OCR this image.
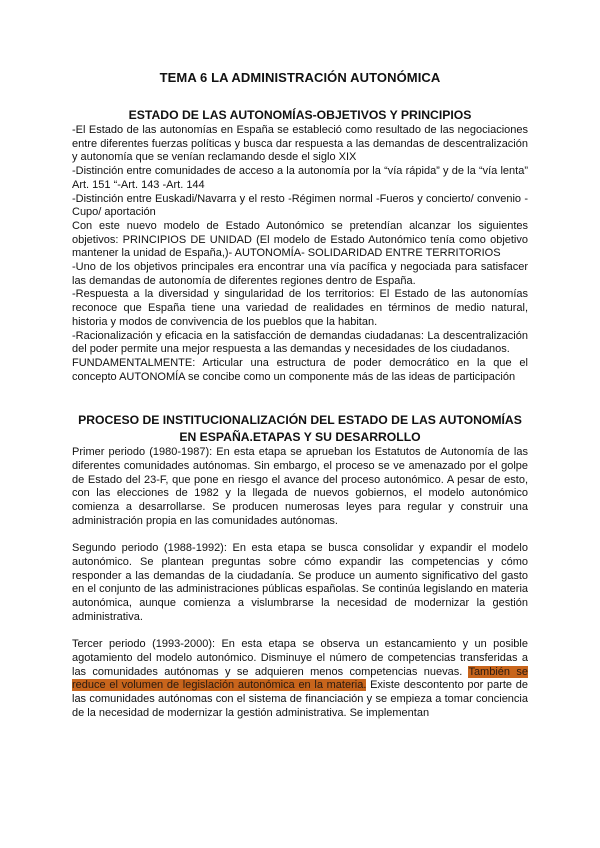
TEMA 6 LA ADMINISTRACIÓN AUTONÓMICA
ESTADO DE LAS AUTONOMÍAS-OBJETIVOS Y PRINCIPIOS

-El Estado de las autonomías en España se estableció como resultado de las negociaciones entre diferentes fuerzas políticas y busca dar respuesta a las demandas de descentralización y autonomía que se venían reclamando desde el siglo XIX

-Distinción entre comunidades de acceso a la autonomía por la “vía rápida” y de la “vía lenta” Art. 151 “-Art. 143 -Art. 144

-Distinción entre Euskadi/Navarra y el resto -Régimen normal -Fueros y concierto/ convenio -Cupo/ aportación

Con este nuevo modelo de Estado Autonómico se pretendían alcanzar los siguientes objetivos: PRINCIPIOS DE UNIDAD (El modelo de Estado Autonómico tenía como objetivo mantener la unidad de España,)- AUTONOMÍA- SOLIDARIDAD ENTRE TERRITORIOS

-Uno de los objetivos principales era encontrar una vía pacífica y negociada para satisfacer las demandas de autonomía de diferentes regiones dentro de España.

-Respuesta a la diversidad y singularidad de los territorios: El Estado de las autonomías reconoce que España tiene una variedad de realidades en términos de medio natural, historia y modos de convivencia de los pueblos que la habitan.

-Racionalización y eficacia en la satisfacción de demandas ciudadanas: La descentralización del poder permite una mejor respuesta a las demandas y necesidades de los ciudadanos.

FUNDAMENTALMENTE: Articular una estructura de poder democrático en la que el concepto AUTONOMÍA se concibe como un componente más de las ideas de participación

PROCESO DE INSTITUCIONALIZACIÓN DEL ESTADO DE LAS AUTONOMÍAS
EN ESPAÑA.ETAPAS Y SU DESARROLLO

Primer periodo (1980-1987): En esta etapa se aprueban los Estatutos de Autonomía de las diferentes comunidades autónomas. Sin embargo, el proceso se ve amenazado por el golpe de Estado del 23-F, que pone en riesgo el avance del proceso autonómico. A pesar de esto, con las elecciones de 1982 y la llegada de nuevos gobiernos, el modelo autonómico comienza a desarrollarse. Se producen numerosas leyes para regular y construir una administración propia en las comunidades autónomas.

Segundo periodo (1988-1992): En esta etapa se busca consolidar y expandir el modelo autonómico. Se plantean preguntas sobre cómo expandir las competencias y cómo responder a las demandas de la ciudadanía. Se produce un aumento significativo del gasto en el conjunto de las administraciones públicas españolas. Se continúa legislando en materia autonómica, aunque comienza a vislumbrarse la necesidad de modernizar la gestión administrativa.

Tercer periodo (1993-2000): En esta etapa se observa un estancamiento y un posible agotamiento del modelo autonómico. Disminuye el número de competencias transferidas a las comunidades autónomas y se adquieren menos competencias nuevas. También se reduce el volumen de legislación autonómica en la materia. Existe descontento por parte de las comunidades autónomas con el sistema de financiación y se empieza a tomar conciencia de la necesidad de modernizar la gestión administrativa. Se implementan
